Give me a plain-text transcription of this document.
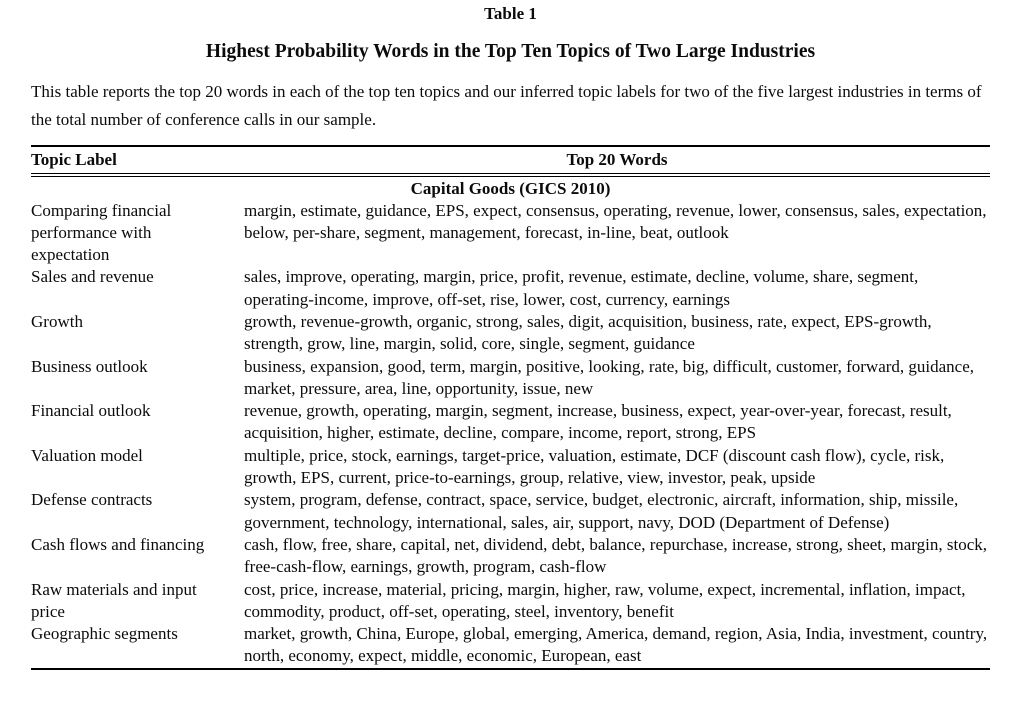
Table 1
Highest Probability Words in the Top Ten Topics of Two Large Industries

This table reports the top 20 words in each of the top ten topics and our inferred topic labels for two of the five largest industries in terms of the total number of conference calls in our sample.

Topic Label	Top 20 Words
Capital Goods (GICS 2010)	
Comparing financial performance with expectation	margin, estimate, guidance, EPS, expect, consensus, operating, revenue, lower, consensus, sales, expectation, below, per-share, segment, management, forecast, in-line, beat, outlook
Sales and revenue	sales, improve, operating, margin, price, profit, revenue, estimate, decline, volume, share, segment, operating-income, improve, off-set, rise, lower, cost, currency, earnings
Growth	growth, revenue-growth, organic, strong, sales, digit, acquisition, business, rate, expect, EPS-growth, strength, grow, line, margin, solid, core, single, segment, guidance
Business outlook	business, expansion, good, term, margin, positive, looking, rate, big, difficult, customer, forward, guidance, market, pressure, area, line, opportunity, issue, new
Financial outlook	revenue, growth, operating, margin, segment, increase, business, expect, year-over-year, forecast, result, acquisition, higher, estimate, decline, compare, income, report, strong, EPS
Valuation model	multiple, price, stock, earnings, target-price, valuation, estimate, DCF (discount cash flow), cycle, risk, growth, EPS, current, price-to-earnings, group, relative, view, investor, peak, upside
Defense contracts	system, program, defense, contract, space, service, budget, electronic, aircraft, information, ship, missile, government, technology, international, sales, air, support, navy, DOD (Department of Defense)
Cash flows and financing	cash, flow, free, share, capital, net, dividend, debt, balance, repurchase, increase, strong, sheet, margin, stock, free-cash-flow, earnings, growth, program, cash-flow
Raw materials and input price	cost, price, increase, material, pricing, margin, higher, raw, volume, expect, incremental, inflation, impact, commodity, product, off-set, operating, steel, inventory, benefit
Geographic segments	market, growth, China, Europe, global, emerging, America, demand, region, Asia, India, investment, country, north, economy, expect, middle, economic, European, east
